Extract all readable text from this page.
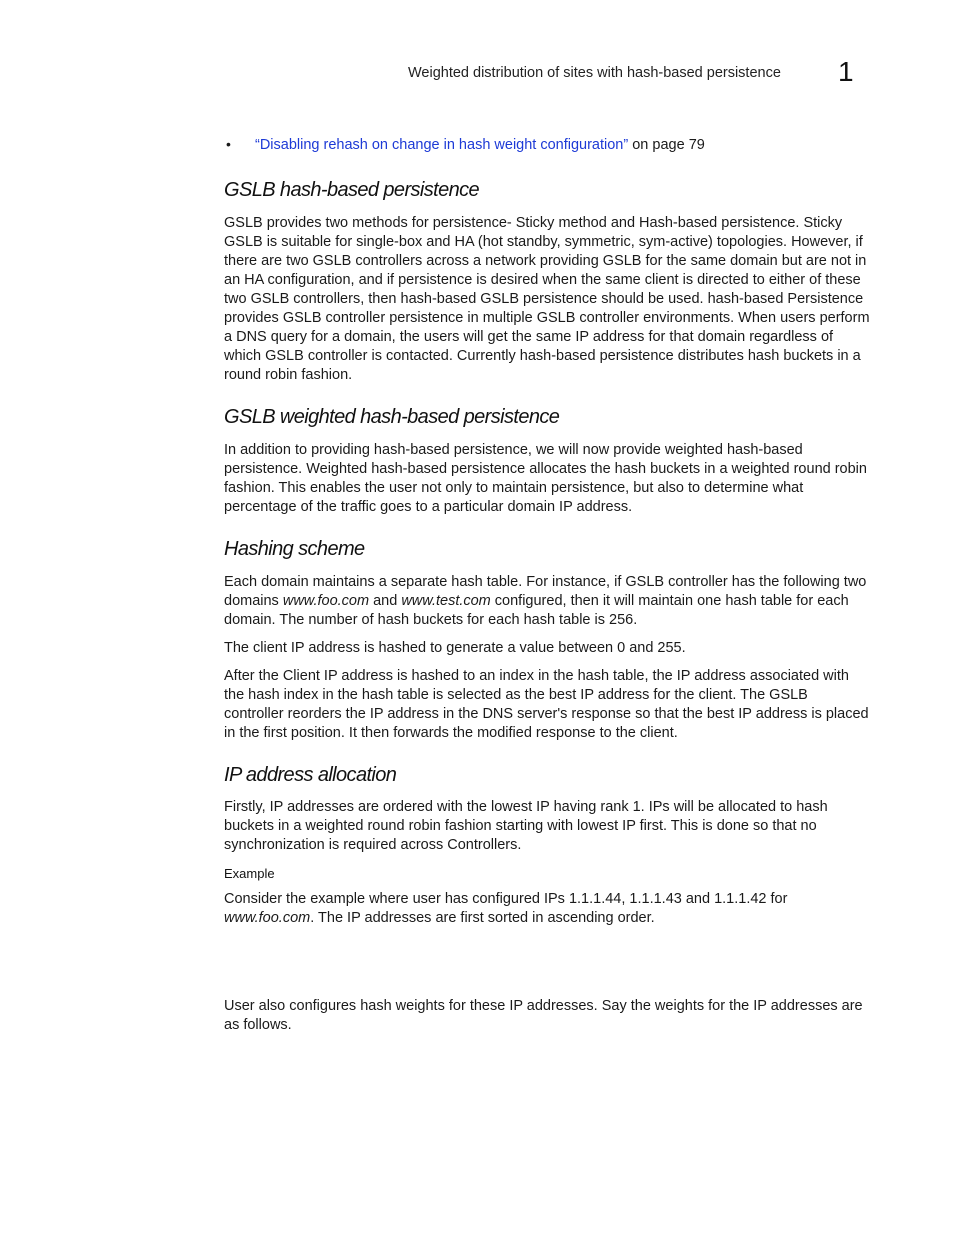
Weighted distribution of sites with hash-based persistence 1
•	“Disabling rehash on change in hash weight configuration” on page 79
GSLB hash-based persistence

GSLB provides two methods for persistence- Sticky method and Hash-based persistence. Sticky GSLB is suitable for single-box and HA (hot standby, symmetric, sym-active) topologies. However, if there are two GSLB controllers across a network providing GSLB for the same domain but are not in an HA configuration, and if persistence is desired when the same client is directed to either of these two GSLB controllers, then hash-based GSLB persistence should be used. hash-based Persistence provides GSLB controller persistence in multiple GSLB controller environments. When users perform a DNS query for a domain, the users will get the same IP address for that domain regardless of which GSLB controller is contacted. Currently hash-based persistence distributes hash buckets in a round robin fashion.

GSLB weighted hash-based persistence

In addition to providing hash-based persistence, we will now provide weighted hash-based persistence. Weighted hash-based persistence allocates the hash buckets in a weighted round robin fashion. This enables the user not only to maintain persistence, but also to determine what percentage of the traffic goes to a particular domain IP address.

Hashing scheme

Each domain maintains a separate hash table. For instance, if GSLB controller has the following two domains www.foo.com and www.test.com configured, then it will maintain one hash table for each domain. The number of hash buckets for each hash table is 256.

The client IP address is hashed to generate a value between 0 and 255.

After the Client IP address is hashed to an index in the hash table, the IP address associated with the hash index in the hash table is selected as the best IP address for the client. The GSLB controller reorders the IP address in the DNS server's response so that the best IP address is placed in the first position. It then forwards the modified response to the client.

IP address allocation

Firstly, IP addresses are ordered with the lowest IP having rank 1. IPs will be allocated to hash buckets in a weighted round robin fashion starting with lowest IP first. This is done so that no synchronization is required across Controllers.

Example

Consider the example where user has configured IPs 1.1.1.44, 1.1.1.43 and 1.1.1.42 for www.foo.com. The IP addresses are first sorted in ascending order.

User also configures hash weights for these IP addresses. Say the weights for the IP addresses are as follows.
